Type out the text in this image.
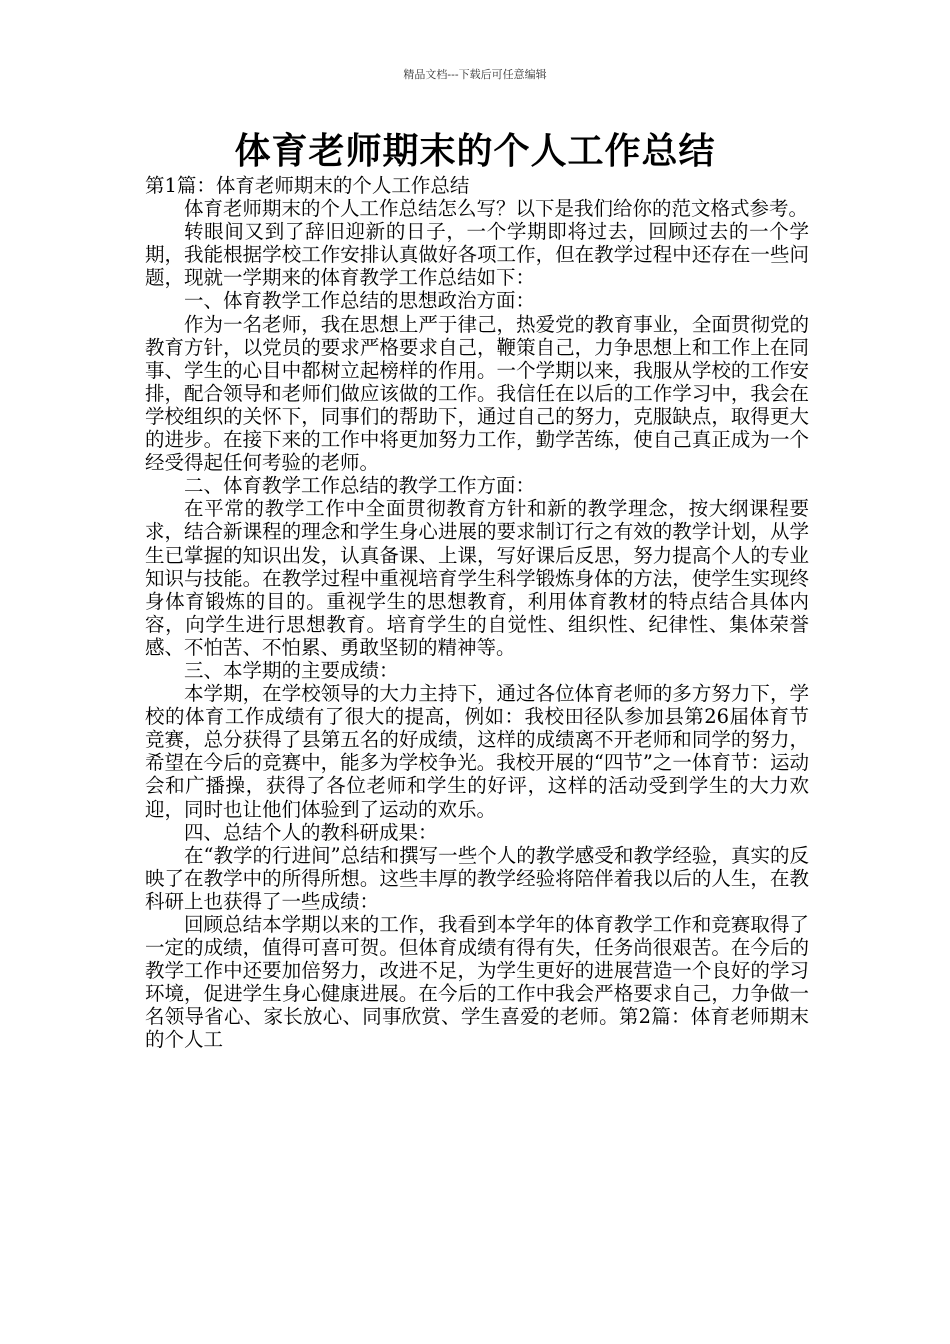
精品文档---下载后可任意编辑
体育老师期末的个人工作总结

第1篇：体育老师期末的个人工作总结

体育老师期末的个人工作总结怎么写？以下是我们给你的范文格式参考。

转眼间又到了辞旧迎新的日子，一个学期即将过去，回顾过去的一个学期，我能根据学校工作安排认真做好各项工作，但在教学过程中还存在一些问题，现就一学期来的体育教学工作总结如下：

一、体育教学工作总结的思想政治方面：

作为一名老师，我在思想上严于律己，热爱党的教育事业，全面贯彻党的教育方针，以党员的要求严格要求自己，鞭策自己，力争思想上和工作上在同事、学生的心目中都树立起榜样的作用。一个学期以来，我服从学校的工作安排，配合领导和老师们做应该做的工作。我信任在以后的工作学习中，我会在学校组织的关怀下，同事们的帮助下，通过自己的努力，克服缺点，取得更大的进步。在接下来的工作中将更加努力工作，勤学苦练，使自己真正成为一个经受得起任何考验的老师。

二、体育教学工作总结的教学工作方面：

在平常的教学工作中全面贯彻教育方针和新的教学理念，按大纲课程要求，结合新课程的理念和学生身心进展的要求制订行之有效的教学计划，从学生已掌握的知识出发，认真备课、上课，写好课后反思，努力提高个人的专业知识与技能。在教学过程中重视培育学生科学锻炼身体的方法，使学生实现终身体育锻炼的目的。重视学生的思想教育，利用体育教材的特点结合具体内容，向学生进行思想教育。培育学生的自觉性、组织性、纪律性、集体荣誉感、不怕苦、不怕累、勇敢坚韧的精神等。

三、本学期的主要成绩：

本学期，在学校领导的大力主持下，通过各位体育老师的多方努力下，学校的体育工作成绩有了很大的提高，例如：我校田径队参加县第26届体育节竞赛，总分获得了县第五名的好成绩，这样的成绩离不开老师和同学的努力，希望在今后的竞赛中，能多为学校争光。我校开展的“四节”之一体育节：运动会和广播操，获得了各位老师和学生的好评，这样的活动受到学生的大力欢迎，同时也让他们体验到了运动的欢乐。

四、总结个人的教科研成果：

在“教学的行进间”总结和撰写一些个人的教学感受和教学经验，真实的反映了在教学中的所得所想。这些丰厚的教学经验将陪伴着我以后的人生，在教科研上也获得了一些成绩：

回顾总结本学期以来的工作，我看到本学年的体育教学工作和竞赛取得了一定的成绩，值得可喜可贺。但体育成绩有得有失，任务尚很艰苦。在今后的教学工作中还要加倍努力，改进不足，为学生更好的进展营造一个良好的学习环境，促进学生身心健康进展。在今后的工作中我会严格要求自己，力争做一名领导省心、家长放心、同事欣赏、学生喜爱的老师。第2篇：体育老师期末的个人工
